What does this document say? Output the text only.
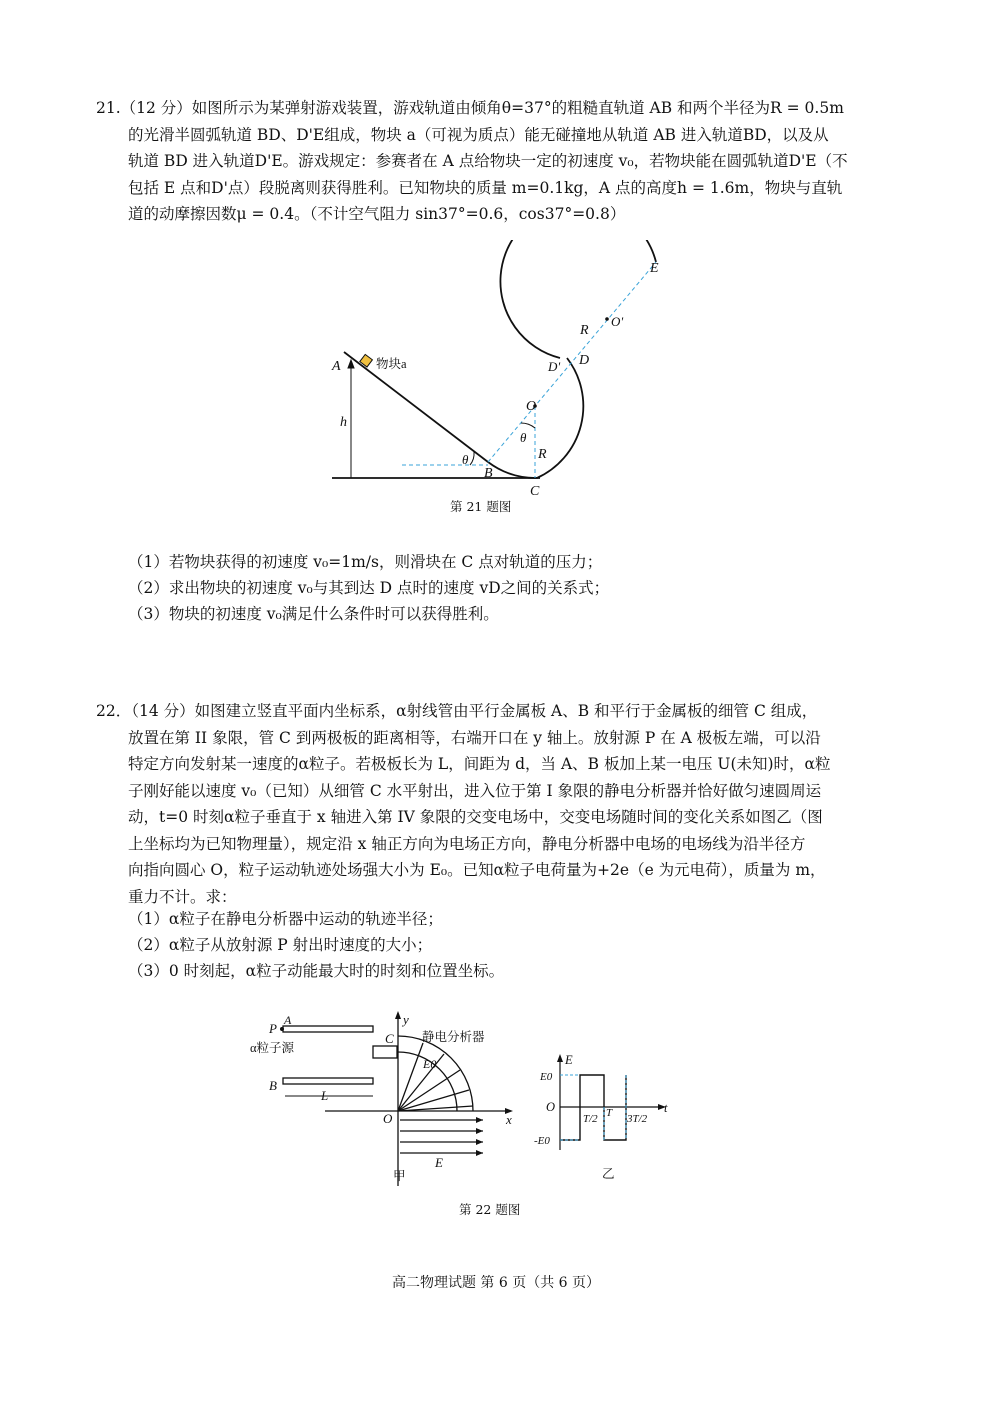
21.（12 分）如图所示为某弹射游戏装置，游戏轨道由倾角θ=37°的粗糙直轨道 AB 和两个半径为R = 0.5m
的光滑半圆弧轨道 BD、D'E组成，物块 a（可视为质点）能无碰撞地从轨道 AB 进入轨道BD，以及从
轨道 BD 进入轨道D'E。游戏规定：参赛者在 A 点给物块一定的初速度 v₀，若物块能在圆弧轨道D'E（不
包括 E 点和D'点）段脱离则获得胜利。已知物块的质量 m=0.1kg，A 点的高度h = 1.6m，物块与直轨
道的动摩擦因数μ = 0.4。（不计空气阻力 sin37°=0.6，cos37°=0.8）
A	物块a
h
θ
B
C
R
O
θ
D' D
R
O'
E
第 21 题图
（1）若物块获得的初速度 v₀=1m/s，则滑块在 C 点对轨道的压力；
（2）求出物块的初速度 v₀与其到达 D 点时的速度 vD之间的关系式；
（3）物块的初速度 v₀满足什么条件时可以获得胜利。
22．（14 分）如图建立竖直平面内坐标系，α射线管由平行金属板 A、B 和平行于金属板的细管 C 组成，
放置在第 II 象限，管 C 到两极板的距离相等，右端开口在 y 轴上。放射源 P 在 A 极板左端，可以沿
特定方向发射某一速度的α粒子。若极板长为 L，间距为 d，当 A、B 板加上某一电压 U(未知)时，α粒
子刚好能以速度 v₀（已知）从细管 C 水平射出，进入位于第 I 象限的静电分析器并恰好做匀速圆周运
动，t=0 时刻α粒子垂直于 x 轴进入第 IV 象限的交变电场中，交变电场随时间的变化关系如图乙（图
上坐标均为已知物理量），规定沿 x 轴正方向为电场正方向，静电分析器中电场的电场线为沿半径方
向指向圆心 O，粒子运动轨迹处场强大小为 E₀。已知α粒子电荷量为+2e（e 为元电荷），质量为 m，
重力不计。求：
（1）α粒子在静电分析器中运动的轨迹半径；
（2）α粒子从放射源 P 射出时速度的大小；
（3）0 时刻起，α粒子动能最大时的时刻和位置坐标。
P
A
α粒子源
B
L
C
y
静电分析器
E0
O	x
E
甲
E
E0
O
-E0
T/2 T 3T/2
t
乙
第 22 题图
高二物理试题 第 6 页（共 6 页）
